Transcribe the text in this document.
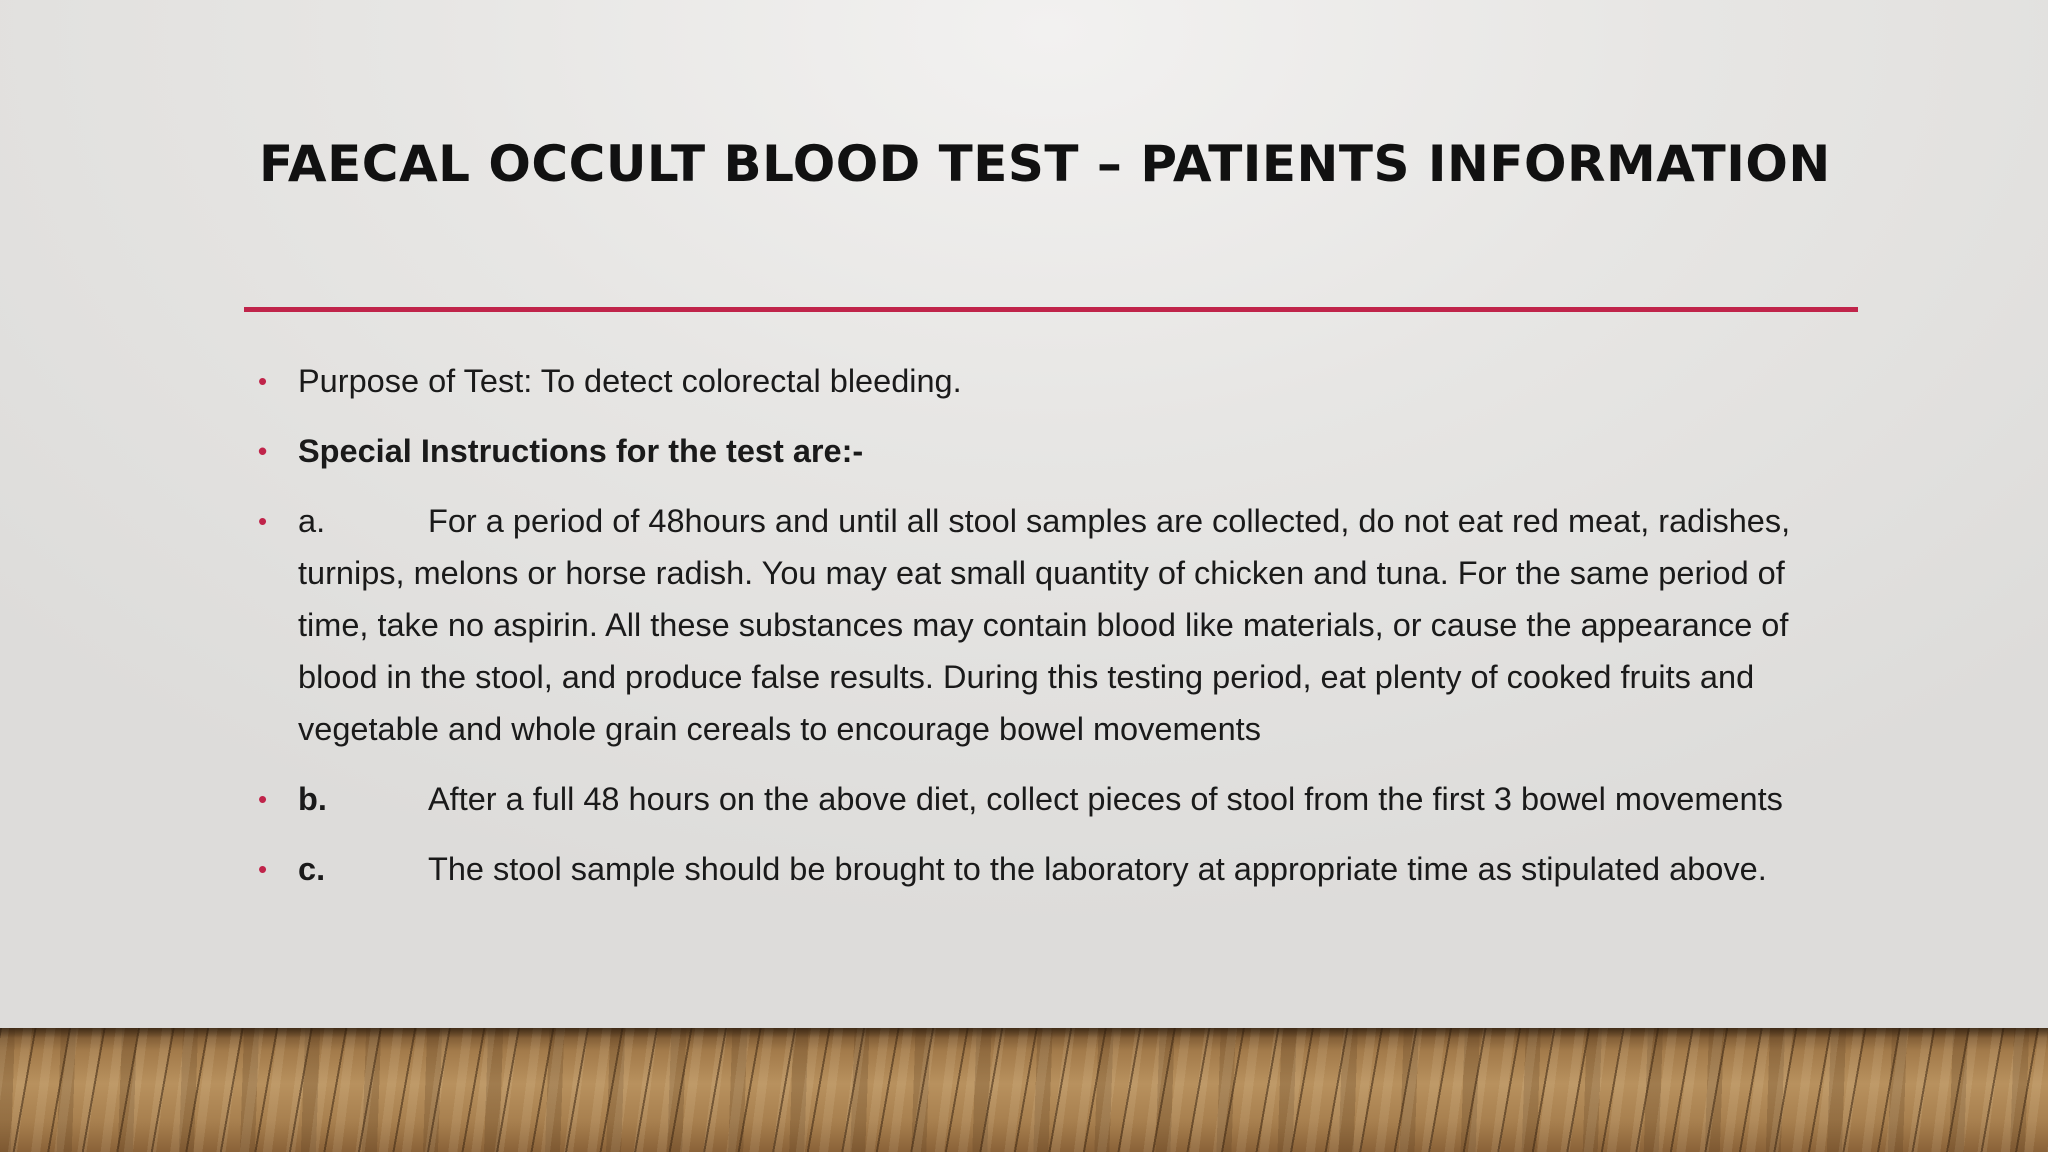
FAECAL OCCULT BLOOD TEST – PATIENTS INFORMATION
• Purpose of Test: To detect colorectal bleeding.
• Special Instructions for the test are:-
• a.	For a period of 48hours and until all stool samples are collected, do not eat red meat, radishes, turnips, melons or horse radish. You may eat small quantity of chicken and tuna. For the same period of time, take no aspirin. All these substances may contain blood like materials, or cause the appearance of blood in the stool, and produce false results. During this testing period, eat plenty of cooked fruits and vegetable and whole grain cereals to encourage bowel movements
• b.	After a full 48 hours on the above diet, collect pieces of stool from the first 3 bowel movements
• c.	The stool sample should be brought to the laboratory at appropriate time as stipulated above.
